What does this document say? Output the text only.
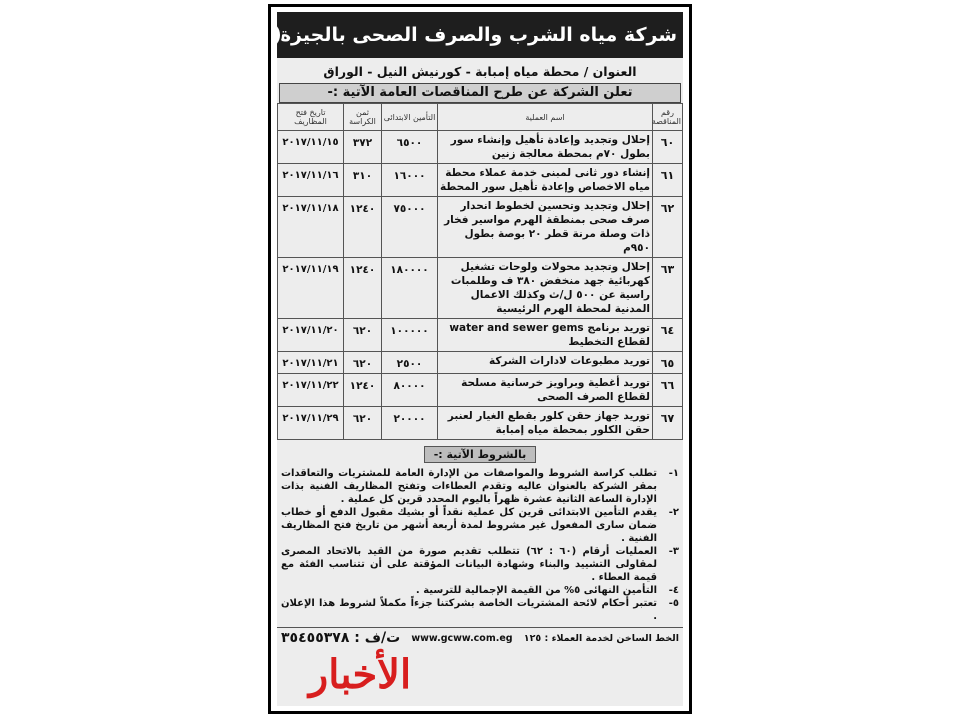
شركة مياه الشرب والصرف الصحى بالجيزة
العنوان / محطة مياه إمبابة - كورنيش النيل - الوراق
تعلن الشركة عن طرح المناقصات العامة الآتية :-
رقم المناقصة	اسم العملية	التأمين الابتدائى	ثمن الكراسة	تاريخ فتح المظاريف
٦٠	إحلال وتجديد وإعادة تأهيل وإنشاء سور بطول ٧٠م بمحطة معالجة زنين	٦٥٠٠	٣٧٢	٢٠١٧/١١/١٥
٦١	إنشاء دور ثانى لمبنى خدمة عملاء محطة مياه الاخصاص وإعادة تأهيل سور المحطة	١٦٠٠٠	٣١٠	٢٠١٧/١١/١٦
٦٢	إحلال وتجديد وتحسين لخطوط انحدار صرف صحى بمنطقة الهرم مواسير فخار ذات وصلة مرنة قطر ٢٠ بوصة بطول ٩٥٠م	٧٥٠٠٠	١٢٤٠	٢٠١٧/١١/١٨
٦٣	إحلال وتجديد محولات ولوحات تشغيل كهربائية جهد منخفض ٣٨٠ ف وطلمبات راسية عن ٥٠٠ ل/ث وكذلك الاعمال المدنية لمحطة الهرم الرئيسية	١٨٠٠٠٠	١٢٤٠	٢٠١٧/١١/١٩
٦٤	توريد برنامج water and sewer gems لقطاع التخطيط	١٠٠٠٠٠	٦٢٠	٢٠١٧/١١/٢٠
٦٥	توريد مطبوعات لادارات الشركة	٢٥٠٠	٦٢٠	٢٠١٧/١١/٢١
٦٦	توريد أغطية وبراويز خرسانية مسلحة لقطاع الصرف الصحى	٨٠٠٠٠	١٢٤٠	٢٠١٧/١١/٢٢
٦٧	توريد جهاز حقن كلور بقطع الغيار لعنبر حقن الكلور بمحطة مياه إمبابة	٢٠٠٠٠	٦٢٠	٢٠١٧/١١/٢٩
بالشروط الآتية :-
١-
تطلب كراسة الشروط والمواصفات من الإدارة العامة للمشتريات والتعاقدات بمقر الشركة بالعنوان عاليه وتقدم العطاءات وتفتح المظاريف الفنية بذات الإدارة الساعة الثانية عشرة ظهراً باليوم المحدد قرين كل عملية .
٢-
يقدم التأمين الابتدائى قرين كل عملية نقداً أو بشيك مقبول الدفع أو خطاب ضمان سارى المفعول غير مشروط لمدة أربعة أشهر من تاريخ فتح المظاريف الفنية .
٣-
العمليات أرقام (٦٠ : ٦٢) تتطلب تقديم صورة من القيد بالاتحاد المصرى لمقاولى التشييد والبناء وشهادة البيانات المؤقتة على أن تتناسب الفئة مع قيمة العطاء .
٤-
التأمين النهائى ٥% من القيمة الإجمالية للترسية .
٥-
تعتبر أحكام لائحة المشتريات الخاصة بشركتنا جزءاً مكملاً لشروط هذا الإعلان .
الخط الساخن لخدمة العملاء : ١٢٥
www.gcww.com.eg
ت/ف : ٣٥٤٥٥٣٧٨
الأخبار
